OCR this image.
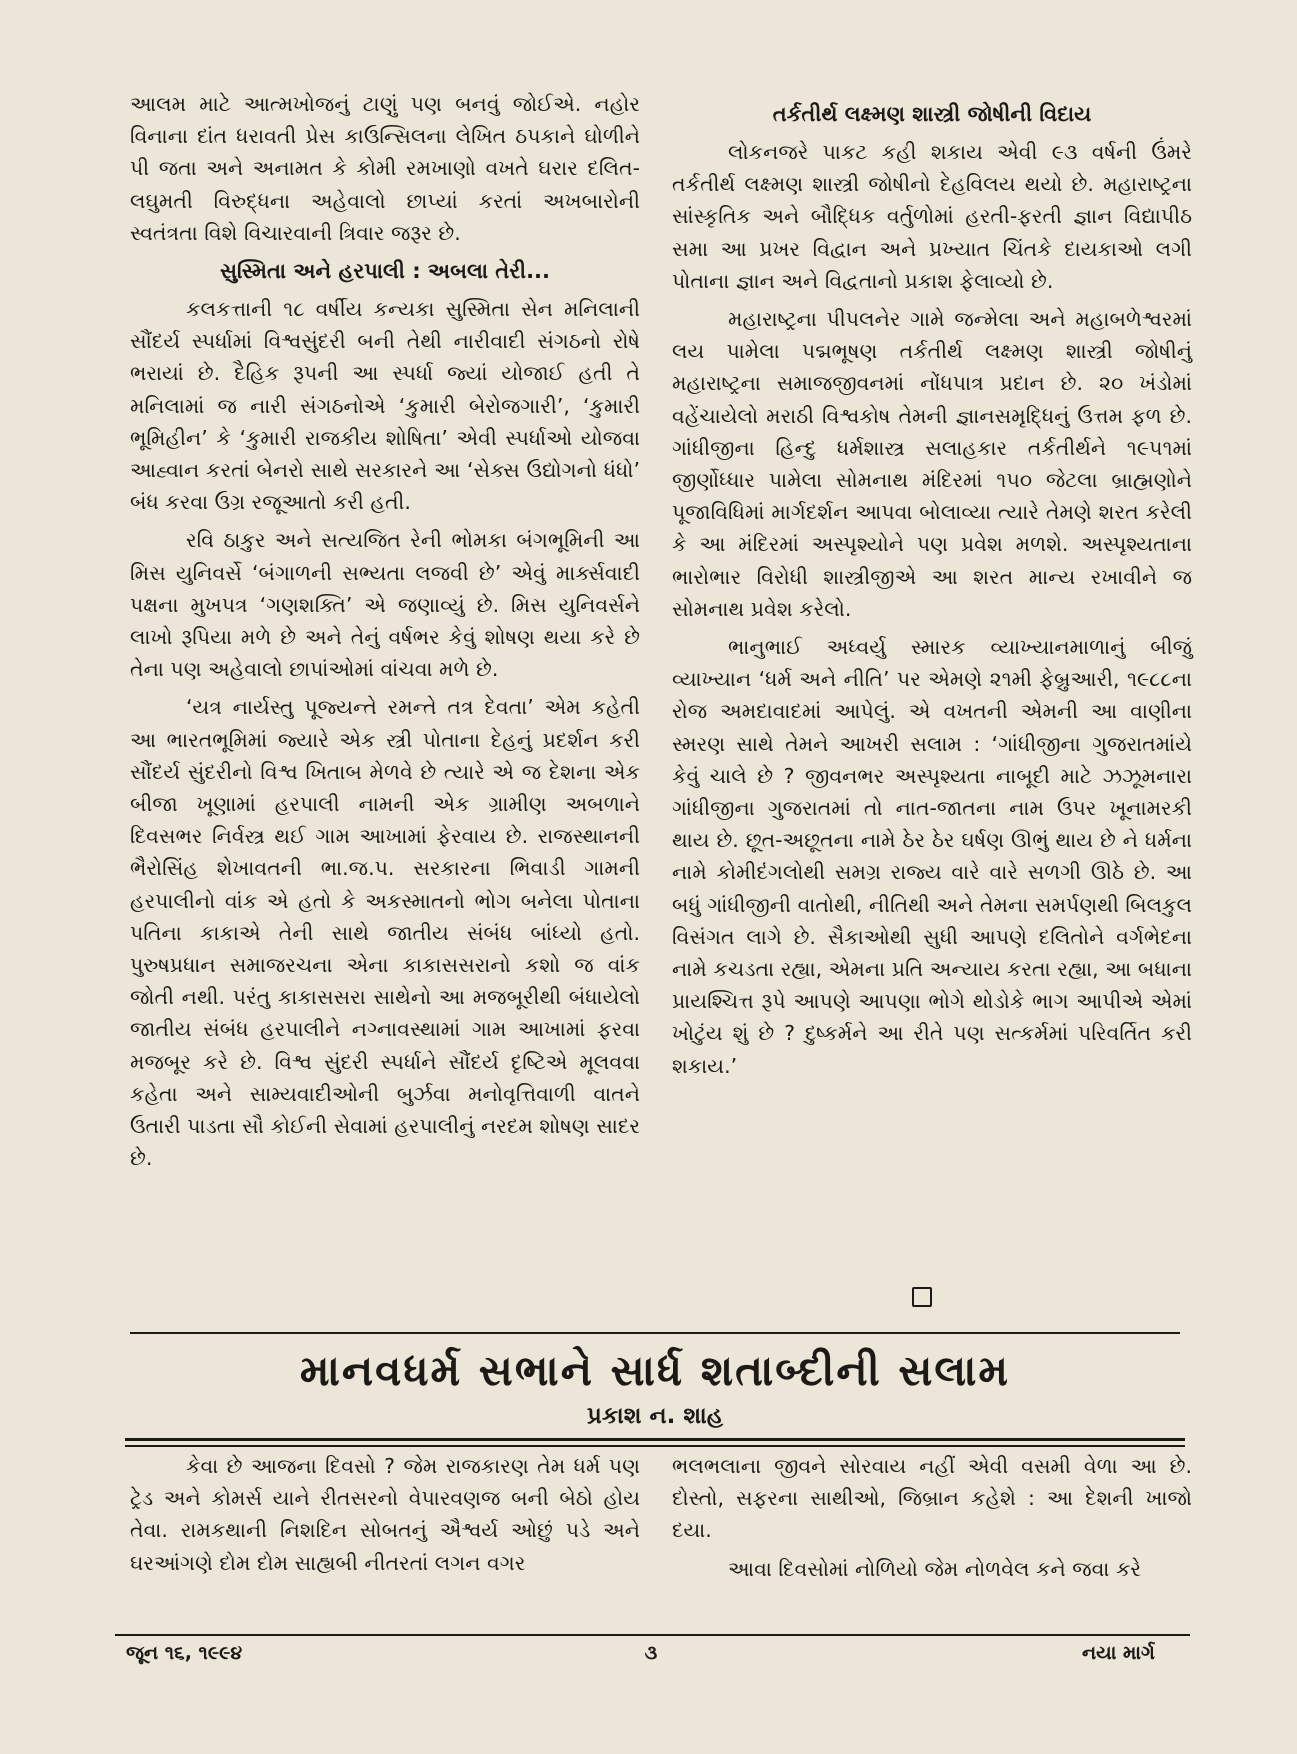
આલમ માટે આત્મખોજનું ટાણું પણ બનવું જોઈએ. નહોર વિનાના દાંત ધરાવતી પ્રેસ કાઉન્સિલના લેખિત ઠપકાને ઘોળીને પી જતા અને અનામત કે કોમી રમખાણો વખતે ઘરાર દલિત-લઘુમતી વિરુદ્ધના અહેવાલો છાપ્યાં કરતાં અખબારોની સ્વતંત્રતા વિશે વિચારવાની ત્રિવાર જરૂર છે.

સુસ્મિતા અને હરપાલી : અબલા તેરી...

કલકત્તાની ૧૮ વર્ષીય કન્યકા સુસ્મિતા સેન મનિલાની સૌંદર્ય સ્પર્ધામાં વિશ્વસુંદરી બની તેથી નારીવાદી સંગઠનો રોષે ભરાયાં છે. દૈહિક રૂપની આ સ્પર્ધા જ્યાં યોજાઈ હતી તે મનિલામાં જ નારી સંગઠનોએ ‘કુમારી બેરોજગારી’, ‘કુમારી ભૂમિહીન’ કે ‘કુમારી રાજકીય શોષિતા’ એવી સ્પર્ધાઓ યોજવા આહ્વાન કરતાં બેનરો સાથે સરકારને આ ‘સેક્સ ઉદ્યોગનો ધંધો’ બંધ કરવા ઉગ્ર રજૂઆતો કરી હતી.

રવિ ઠાકુર અને સત્યજિત રેની ભોમકા બંગભૂમિની આ મિસ યુનિવર્સે ‘બંગાળની સભ્યતા લજવી છે’ એવું માર્ક્સવાદી પક્ષના મુખપત્ર ‘ગણશક્તિ’ એ જણાવ્યું છે. મિસ યુનિવર્સને લાખો રૂપિયા મળે છે અને તેનું વર્ષભર કેવું શોષણ થયા કરે છે તેના પણ અહેવાલો છાપાંઓમાં વાંચવા મળે છે.

‘યત્ર નાર્યસ્તુ પૂજ્યન્તે રમન્તે તત્ર દેવતા’ એમ કહેતી આ ભારતભૂમિમાં જ્યારે એક સ્ત્રી પોતાના દેહનું પ્રદર્શન કરી સૌંદર્ય સુંદરીનો વિશ્વ ખિતાબ મેળવે છે ત્યારે એ જ દેશના એક બીજા ખૂણામાં હરપાલી નામની એક ગ્રામીણ અબળાને દિવસભર નિર્વસ્ત્ર થઈ ગામ આખામાં ફેરવાય છે. રાજસ્થાનની ભૈરોસિંહ શેખાવતની ભા.જ.પ. સરકારના ભિવાડી ગામની હરપાલીનો વાંક એ હતો કે અકસ્માતનો ભોગ બનેલા પોતાના પતિના કાકાએ તેની સાથે જાતીય સંબંધ બાંધ્યો હતો. પુરુષપ્રધાન સમાજરચના એના કાકાસસરાનો કશો જ વાંક જોતી નથી. પરંતુ કાકાસસરા સાથેનો આ મજબૂરીથી બંધાયેલો જાતીય સંબંધ હરપાલીને નગ્નાવસ્થામાં ગામ આખામાં ફરવા મજબૂર કરે છે. વિશ્વ સુંદરી સ્પર્ધાને સૌંદર્ય દૃષ્ટિએ મૂલવવા કહેતા અને સામ્યવાદીઓની બુર્ઝવા મનોવૃત્તિવાળી વાતને ઉતારી પાડતા સૌ કોઈની સેવામાં હરપાલીનું નરદમ શોષણ સાદર છે.

તર્કતીર્થ લક્ષ્મણ શાસ્ત્રી જોષીની વિદાય

લોકનજરે પાકટ કહી શકાય એવી ૯૩ વર્ષની ઉંમરે તર્કતીર્થ લક્ષ્મણ શાસ્ત્રી જોષીનો દેહવિલય થયો છે. મહારાષ્ટ્રના સાંસ્કૃતિક અને બૌદ્ધિક વર્તુળોમાં હરતી-ફરતી જ્ઞાન વિદ્યાપીઠ સમા આ પ્રખર વિદ્વાન અને પ્રખ્યાત ચિંતકે દાયકાઓ લગી પોતાના જ્ઞાન અને વિદ્વતાનો પ્રકાશ ફેલાવ્યો છે.

મહારાષ્ટ્રના પીપલનેર ગામે જન્મેલા અને મહાબળેશ્વરમાં લય પામેલા પદ્મભૂષણ તર્કતીર્થ લક્ષ્મણ શાસ્ત્રી જોષીનું મહારાષ્ટ્રના સમાજજીવનમાં નોંધપાત્ર પ્રદાન છે. ૨૦ ખંડોમાં વહેંચાયેલો મરાઠી વિશ્વકોષ તેમની જ્ઞાનસમૃદ્ધિનું ઉત્તમ ફળ છે. ગાંધીજીના હિન્દુ ધર્મશાસ્ત્ર સલાહકાર તર્કતીર્થને ૧૯૫૧માં જીર્ણોધ્ધાર પામેલા સોમનાથ મંદિરમાં ૧૫૦ જેટલા બ્રાહ્મણોને પૂજાવિધિમાં માર્ગદર્શન આપવા બોલાવ્યા ત્યારે તેમણે શરત કરેલી કે આ મંદિરમાં અસ્પૃશ્યોને પણ પ્રવેશ મળશે. અસ્પૃશ્યતાના ભારોભાર વિરોધી શાસ્ત્રીજીએ આ શરત માન્ય રખાવીને જ સોમનાથ પ્રવેશ કરેલો.

ભાનુભાઈ અધ્વર્યુ સ્મારક વ્યાખ્યાનમાળાનું બીજું વ્યાખ્યાન ‘ધર્મ અને નીતિ’ પર એમણે ૨૧મી ફેબ્રુઆરી, ૧૯૮૮ના રોજ અમદાવાદમાં આપેલું. એ વખતની એમની આ વાણીના સ્મરણ સાથે તેમને આખરી સલામ : ‘ગાંધીજીના ગુજરાતમાંયે કેવું ચાલે છે ? જીવનભર અસ્પૃશ્યતા નાબૂદી માટે ઝઝૂમનારા ગાંધીજીના ગુજરાતમાં તો નાત-જાતના નામ ઉપર ખૂનામરકી થાય છે. છૂત-અછૂતના નામે ઠેર ઠેર ઘર્ષણ ઊભું થાય છે ને ધર્મના નામે કોમીદંગલોથી સમગ્ર રાજ્ય વારે વારે સળગી ઊઠે છે. આ બધું ગાંધીજીની વાતોથી, નીતિથી અને તેમના સમર્પણથી બિલકુલ વિસંગત લાગે છે. સૈકાઓથી સુધી આપણે દલિતોને વર્ગભેદના નામે કચડતા રહ્યા, એમના પ્રતિ અન્યાય કરતા રહ્યા, આ બધાના પ્રાયશ્ચિત્ત રૂપે આપણે આપણા ભોગે થોડોકે ભાગ આપીએ એમાં ખોટુંય શું છે ? દુષ્કર્મને આ રીતે પણ સત્કર્મમાં પરિવર્તિત કરી શકાય.’

માનવધર્મ સભાને સાર્ધ શતાબ્દીની સલામ
પ્રકાશ ન. શાહ

કેવા છે આજના દિવસો ? જેમ રાજકારણ તેમ ધર્મ પણ ટ્રેડ અને કોમર્સ યાને રીતસરનો વેપારવણજ બની બેઠો હોય તેવા. રામકથાની નિશદિન સોબતનું ઐશ્વર્ય ઓછું પડે અને ઘરઆંગણે દોમ દોમ સાહ્યબી નીતરતાં લગન વગર

ભલભલાના જીવને સોરવાય નહીં એવી વસમી વેળા આ છે. દોસ્તો, સફરના સાથીઓ, જિબ્રાન કહેશે : આ દેશની ખાજો દયા.

આવા દિવસોમાં નોળિયો જેમ નોળવેલ કને જવા કરે

જૂન ૧૬, ૧૯૯૪	૩	નયા માર્ગ
